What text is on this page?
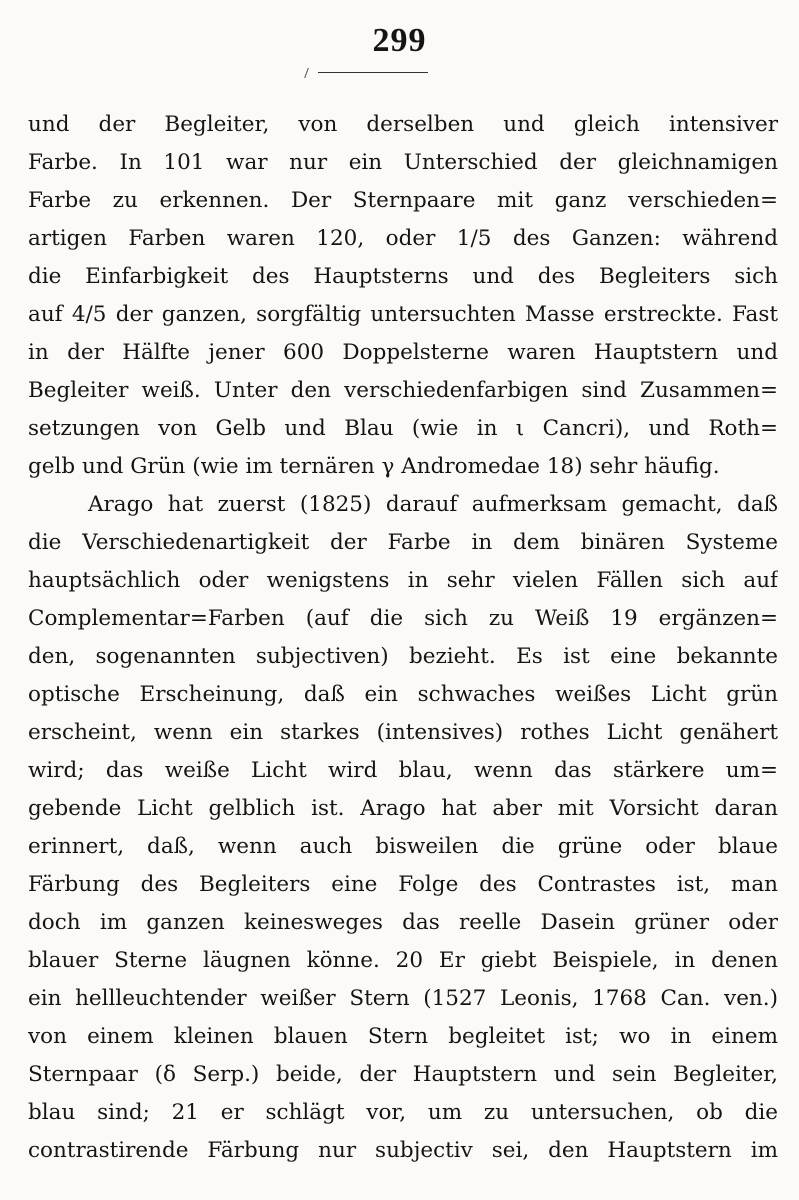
299
und der Begleiter, von derselben und gleich intensiver
Farbe. In 101 war nur ein Unterschied der gleichnamigen
Farbe zu erkennen. Der Sternpaare mit ganz verschieden=
artigen Farben waren 120, oder 1/5 des Ganzen: während
die Einfarbigkeit des Hauptsterns und des Begleiters sich
auf 4/5 der ganzen, sorgfältig untersuchten Masse erstreckte. Fast
in der Hälfte jener 600 Doppelsterne waren Hauptstern und
Begleiter weiß. Unter den verschiedenfarbigen sind Zusammen=
setzungen von Gelb und Blau (wie in ι Cancri), und Roth=
gelb und Grün (wie im ternären γ Andromedae 18) sehr häufig.
Arago hat zuerst (1825) darauf aufmerksam gemacht, daß
die Verschiedenartigkeit der Farbe in dem binären Systeme
hauptsächlich oder wenigstens in sehr vielen Fällen sich auf
Complementar=Farben (auf die sich zu Weiß 19 ergänzen=
den, sogenannten subjectiven) bezieht. Es ist eine bekannte
optische Erscheinung, daß ein schwaches weißes Licht grün
erscheint, wenn ein starkes (intensives) rothes Licht genähert
wird; das weiße Licht wird blau, wenn das stärkere um=
gebende Licht gelblich ist. Arago hat aber mit Vorsicht daran
erinnert, daß, wenn auch bisweilen die grüne oder blaue
Färbung des Begleiters eine Folge des Contrastes ist, man
doch im ganzen keinesweges das reelle Dasein grüner oder
blauer Sterne läugnen könne. 20 Er giebt Beispiele, in denen
ein hellleuchtender weißer Stern (1527 Leonis, 1768 Can. ven.)
von einem kleinen blauen Stern begleitet ist; wo in einem
Sternpaar (δ Serp.) beide, der Hauptstern und sein Begleiter,
blau sind; 21 er schlägt vor, um zu untersuchen, ob die
contrastirende Färbung nur subjectiv sei, den Hauptstern im
